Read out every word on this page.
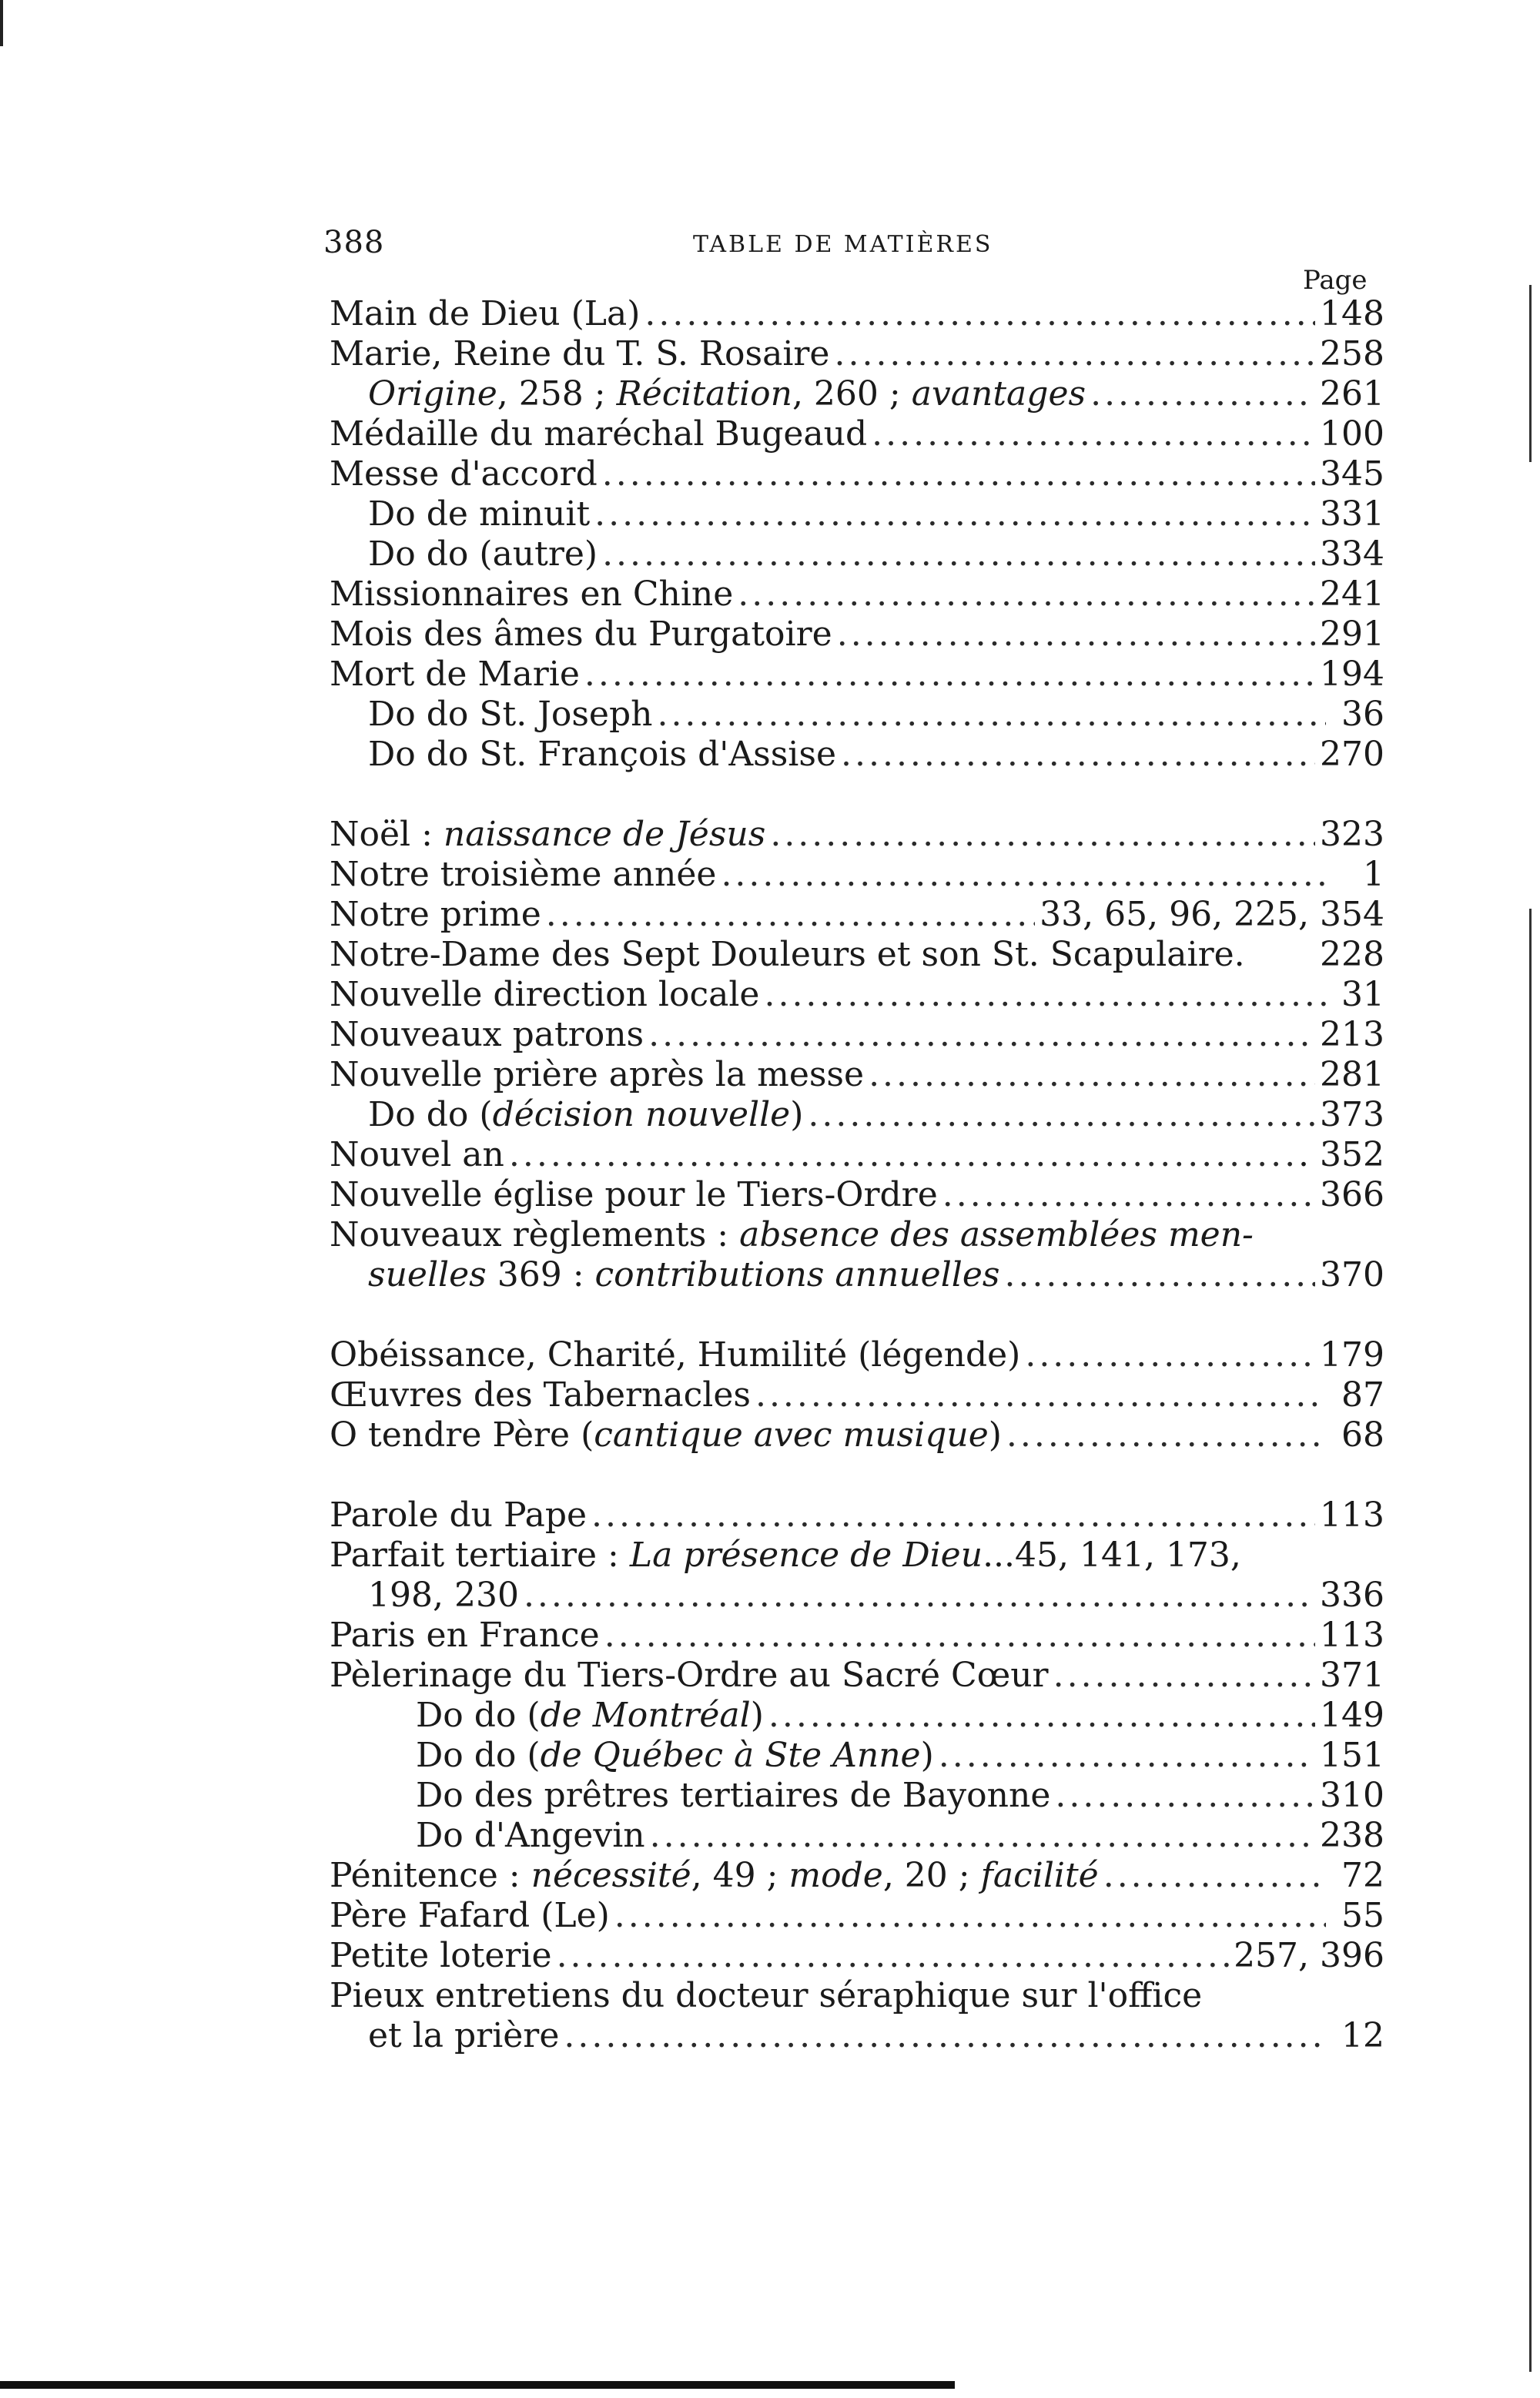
388	TABLE DE MATIÈRES
Page
Main de Dieu (La) .....	148
Marie, Reine du T. S. Rosaire .....	258
Origine, 258 ; Récitation, 260 ; avantages .....	261
Médaille du maréchal Bugeaud .....	100
Messe d'accord .....	345
Do de minuit .....	331
Do do (autre) .....	334
Missionnaires en Chine .....	241
Mois des âmes du Purgatoire .....	291
Mort de Marie .....	194
Do do St. Joseph .....	36
Do do St. François d'Assise .....	270
Noël : naissance de Jésus .....	323
Notre troisième année .....	1
Notre prime .....	33, 65, 96, 225, 354
Notre-Dame des Sept Douleurs et son St. Scapulaire. 228
Nouvelle direction locale .....	31
Nouveaux patrons .....	213
Nouvelle prière après la messe .....	281
Do do (décision nouvelle) .....	373
Nouvel an .....	. 352
Nouvelle église pour le Tiers-Ordre .....	366
Nouveaux règlements : absence des assemblées men-
suelles 369 : contributions annuelles .....	370
Obéissance, Charité, Humilité (légende) .....	179
Œuvres des Tabernacles .....	87
O tendre Père (cantique avec musique) .....	68
Parole du Pape .....	113
Parfait tertiaire : La présence de Dieu...45, 141, 173,
198, 230 .....	336
Paris en France .....	113
Pèlerinage du Tiers-Ordre au Sacré Cœur .....	371
Do do (de Montréal) .....	149
Do do (de Québec à Ste Anne) .....	151
Do des prêtres tertiaires de Bayonne .....	310
Do d'Angevin .....	238
Pénitence : nécessité, 49 ; mode, 20 ; facilité .....	72
Père Fafard (Le) .....	55
Petite loterie .....	257, 396
Pieux entretiens du docteur séraphique sur l'office
et la prière .....	12
